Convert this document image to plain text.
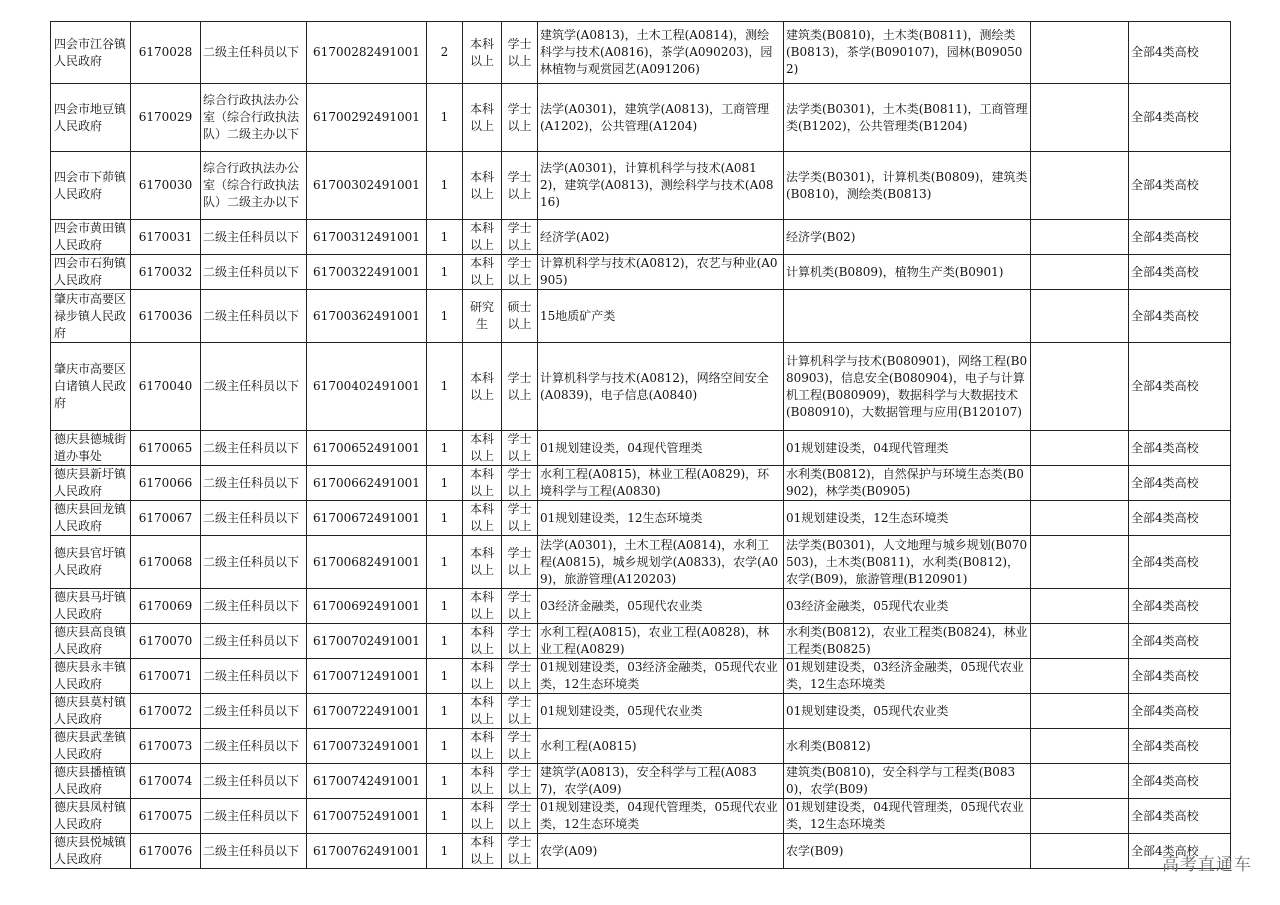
四会市江谷镇人民政府	6170028	二级主任科员以下	61700282491001	2	本科以上	学士以上	建筑学(A0813)，土木工程(A0814)，测绘科学与技术(A0816)，茶学(A090203)，园林植物与观赏园艺(A091206)	建筑类(B0810)，土木类(B0811)，测绘类(B0813)，茶学(B090107)，园林(B090502)		全部4类高校
四会市地豆镇人民政府	6170029	综合行政执法办公室（综合行政执法队）二级主办以下	61700292491001	1	本科以上	学士以上	法学(A0301)，建筑学(A0813)，工商管理(A1202)，公共管理(A1204)	法学类(B0301)，土木类(B0811)，工商管理类(B1202)，公共管理类(B1204)		全部4类高校
四会市下茆镇人民政府	6170030	综合行政执法办公室（综合行政执法队）二级主办以下	61700302491001	1	本科以上	学士以上	法学(A0301)，计算机科学与技术(A0812)，建筑学(A0813)，测绘科学与技术(A0816)	法学类(B0301)，计算机类(B0809)，建筑类(B0810)，测绘类(B0813)		全部4类高校
四会市黄田镇人民政府	6170031	二级主任科员以下	61700312491001	1	本科以上	学士以上	经济学(A02)	经济学(B02)		全部4类高校
四会市石狗镇人民政府	6170032	二级主任科员以下	61700322491001	1	本科以上	学士以上	计算机科学与技术(A0812)，农艺与种业(A0905)	计算机类(B0809)，植物生产类(B0901)		全部4类高校
肇庆市高要区禄步镇人民政府	6170036	二级主任科员以下	61700362491001	1	研究生	硕士以上	15地质矿产类			全部4类高校
肇庆市高要区白诸镇人民政府	6170040	二级主任科员以下	61700402491001	1	本科以上	学士以上	计算机科学与技术(A0812)，网络空间安全(A0839)，电子信息(A0840)	计算机科学与技术(B080901)，网络工程(B080903)，信息安全(B080904)，电子与计算机工程(B080909)，数据科学与大数据技术(B080910)，大数据管理与应用(B120107)		全部4类高校
德庆县德城街道办事处	6170065	二级主任科员以下	61700652491001	1	本科以上	学士以上	01规划建设类，04现代管理类	01规划建设类，04现代管理类		全部4类高校
德庆县新圩镇人民政府	6170066	二级主任科员以下	61700662491001	1	本科以上	学士以上	水利工程(A0815)，林业工程(A0829)，环境科学与工程(A0830)	水利类(B0812)，自然保护与环境生态类(B0902)，林学类(B0905)		全部4类高校
德庆县回龙镇人民政府	6170067	二级主任科员以下	61700672491001	1	本科以上	学士以上	01规划建设类，12生态环境类	01规划建设类，12生态环境类		全部4类高校
德庆县官圩镇人民政府	6170068	二级主任科员以下	61700682491001	1	本科以上	学士以上	法学(A0301)，土木工程(A0814)，水利工程(A0815)，城乡规划学(A0833)，农学(A09)，旅游管理(A120203)	法学类(B0301)，人文地理与城乡规划(B070503)，土木类(B0811)，水利类(B0812)，农学(B09)，旅游管理(B120901)		全部4类高校
德庆县马圩镇人民政府	6170069	二级主任科员以下	61700692491001	1	本科以上	学士以上	03经济金融类，05现代农业类	03经济金融类，05现代农业类		全部4类高校
德庆县高良镇人民政府	6170070	二级主任科员以下	61700702491001	1	本科以上	学士以上	水利工程(A0815)，农业工程(A0828)，林业工程(A0829)	水利类(B0812)，农业工程类(B0824)，林业工程类(B0825)		全部4类高校
德庆县永丰镇人民政府	6170071	二级主任科员以下	61700712491001	1	本科以上	学士以上	01规划建设类，03经济金融类，05现代农业类，12生态环境类	01规划建设类，03经济金融类，05现代农业类，12生态环境类		全部4类高校
德庆县莫村镇人民政府	6170072	二级主任科员以下	61700722491001	1	本科以上	学士以上	01规划建设类，05现代农业类	01规划建设类，05现代农业类		全部4类高校
德庆县武垄镇人民政府	6170073	二级主任科员以下	61700732491001	1	本科以上	学士以上	水利工程(A0815)	水利类(B0812)		全部4类高校
德庆县播植镇人民政府	6170074	二级主任科员以下	61700742491001	1	本科以上	学士以上	建筑学(A0813)，安全科学与工程(A0837)，农学(A09)	建筑类(B0810)，安全科学与工程类(B0830)，农学(B09)		全部4类高校
德庆县凤村镇人民政府	6170075	二级主任科员以下	61700752491001	1	本科以上	学士以上	01规划建设类，04现代管理类，05现代农业类，12生态环境类	01规划建设类，04现代管理类，05现代农业类，12生态环境类		全部4类高校
德庆县悦城镇人民政府	6170076	二级主任科员以下	61700762491001	1	本科以上	学士以上	农学(A09)	农学(B09)		全部4类高校
高考直通车
